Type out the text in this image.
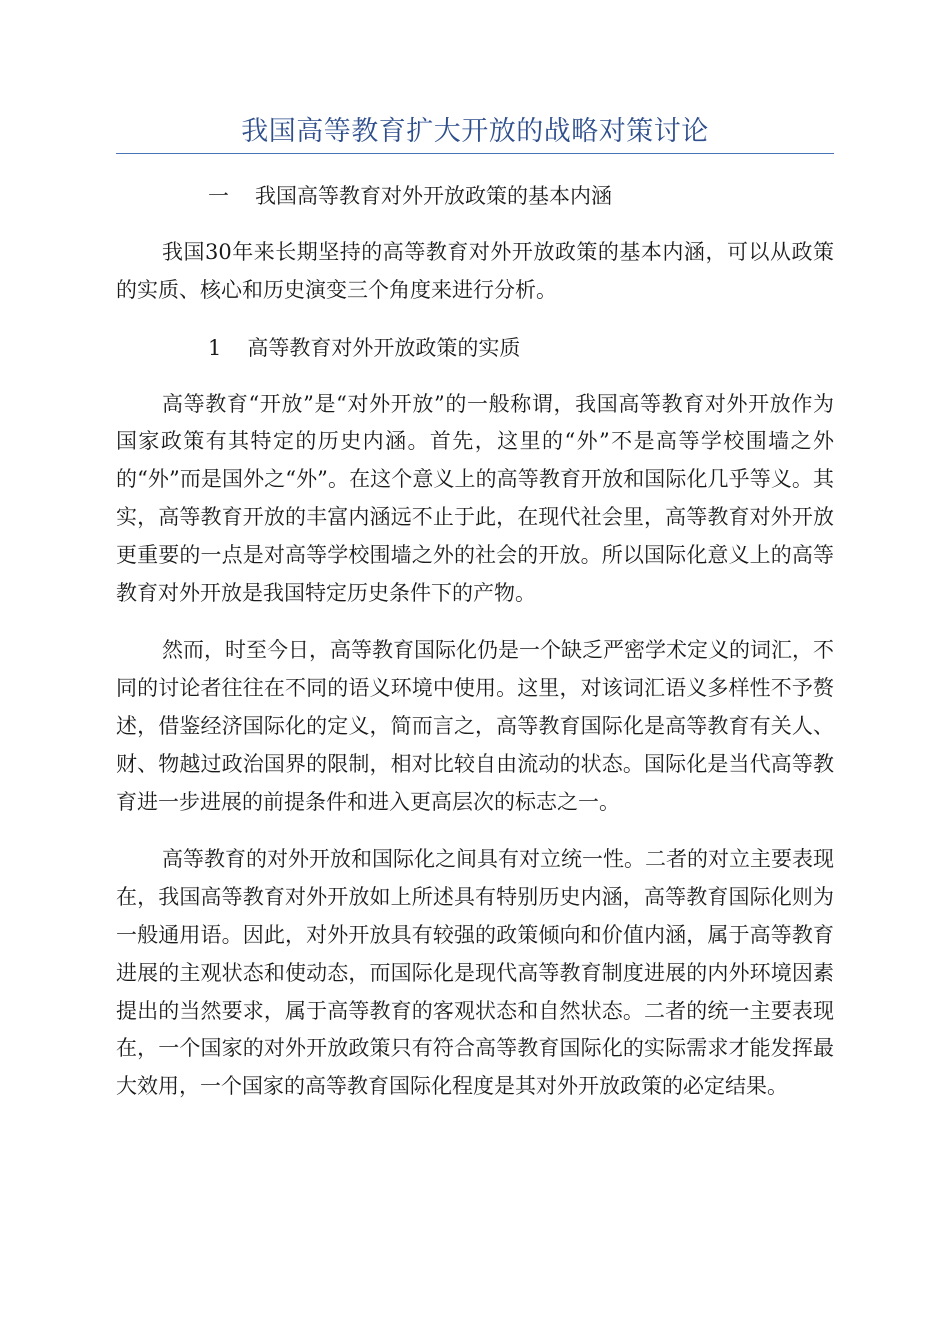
我国高等教育扩大开放的战略对策讨论

一 我国高等教育对外开放政策的基本内涵

我国30年来长期坚持的高等教育对外开放政策的基本内涵，可以从政策的实质、核心和历史演变三个角度来进行分析。

1 高等教育对外开放政策的实质

高等教育“开放”是“对外开放”的一般称谓，我国高等教育对外开放作为国家政策有其特定的历史内涵。首先，这里的“外”不是高等学校围墙之外的“外”而是国外之“外”。在这个意义上的高等教育开放和国际化几乎等义。其实，高等教育开放的丰富内涵远不止于此，在现代社会里，高等教育对外开放更重要的一点是对高等学校围墙之外的社会的开放。所以国际化意义上的高等教育对外开放是我国特定历史条件下的产物。

然而，时至今日，高等教育国际化仍是一个缺乏严密学术定义的词汇，不同的讨论者往往在不同的语义环境中使用。这里，对该词汇语义多样性不予赘述，借鉴经济国际化的定义，简而言之，高等教育国际化是高等教育有关人、财、物越过政治国界的限制，相对比较自由流动的状态。国际化是当代高等教育进一步进展的前提条件和进入更高层次的标志之一。

高等教育的对外开放和国际化之间具有对立统一性。二者的对立主要表现在，我国高等教育对外开放如上所述具有特别历史内涵，高等教育国际化则为一般通用语。因此，对外开放具有较强的政策倾向和价值内涵，属于高等教育进展的主观状态和使动态，而国际化是现代高等教育制度进展的内外环境因素提出的当然要求，属于高等教育的客观状态和自然状态。二者的统一主要表现在，一个国家的对外开放政策只有符合高等教育国际化的实际需求才能发挥最大效用，一个国家的高等教育国际化程度是其对外开放政策的必定结果。
